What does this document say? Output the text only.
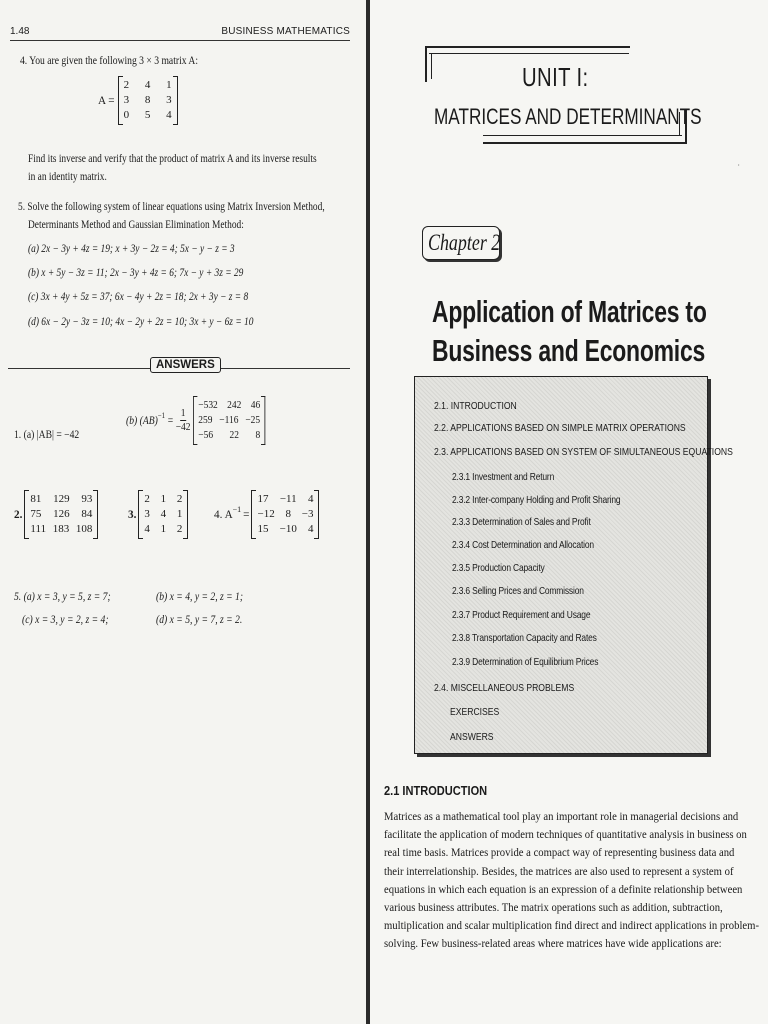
1.48	BUSINESS MATHEMATICS
4. You are given the following 3 × 3 matrix A:
A =
2 4 1
3 8 3
0 5 4
Find its inverse and verify that the product of matrix A and its inverse results
in an identity matrix.
5. Solve the following system of linear equations using Matrix Inversion Method,
Determinants Method and Gaussian Elimination Method:
(a) 2x − 3y + 4z = 19; x + 3y − 2z = 4; 5x − y − z = 3
(b) x + 5y − 3z = 11; 2x − 3y + 4z = 6; 7x − y + 3z = 29
(c) 3x + 4y + 5z = 37; 6x − 4y + 2z = 18; 2x + 3y − z = 8
(d) 6x − 2y − 3z = 10; 4x − 2y + 2z = 10; 3x + y − 6z = 10
ANSWERS
1. (a) |AB| = −42
(b) $(AB)^{-1} = \frac{1}{-42}$
−532 242 46
259 −116 −25
−56 22 8
2.
81 129 93
75 126 84
111 183 108
3.
2 1 2
3 4 1
4 1 2
4. $A^{-1}$ =
17 −11 4
−12 8 −3
15 −10 4
5. (a) x = 3, y = 5, z = 7;	(b) x = 4, y = 2, z = 1;
(c) x = 3, y = 2, z = 4;	(d) x = 5, y = 7, z = 2.
UNIT I:
MATRICES AND DETERMINANTS
·
Chapter 2
Application of Matrices to
Business and Economics
2.1. INTRODUCTION
2.2. APPLICATIONS BASED ON SIMPLE MATRIX OPERATIONS
2.3. APPLICATIONS BASED ON SYSTEM OF SIMULTANEOUS EQUATIONS
2.3.1 Investment and Return
2.3.2 Inter-company Holding and Profit Sharing
2.3.3 Determination of Sales and Profit
2.3.4 Cost Determination and Allocation
2.3.5 Production Capacity
2.3.6 Selling Prices and Commission
2.3.7 Product Requirement and Usage
2.3.8 Transportation Capacity and Rates
2.3.9 Determination of Equilibrium Prices
2.4. MISCELLANEOUS PROBLEMS
EXERCISES
ANSWERS
2.1 INTRODUCTION
Matrices as a mathematical tool play an important role in managerial decisions and
facilitate the application of modern techniques of quantitative analysis in business on
real time basis. Matrices provide a compact way of representing business data and
their interrelationship. Besides, the matrices are also used to represent a system of
equations in which each equation is an expression of a definite relationship between
various business attributes. The matrix operations such as addition, subtraction,
multiplication and scalar multiplication find direct and indirect applications in problem-
solving. Few business-related areas where matrices have wide applications are:
